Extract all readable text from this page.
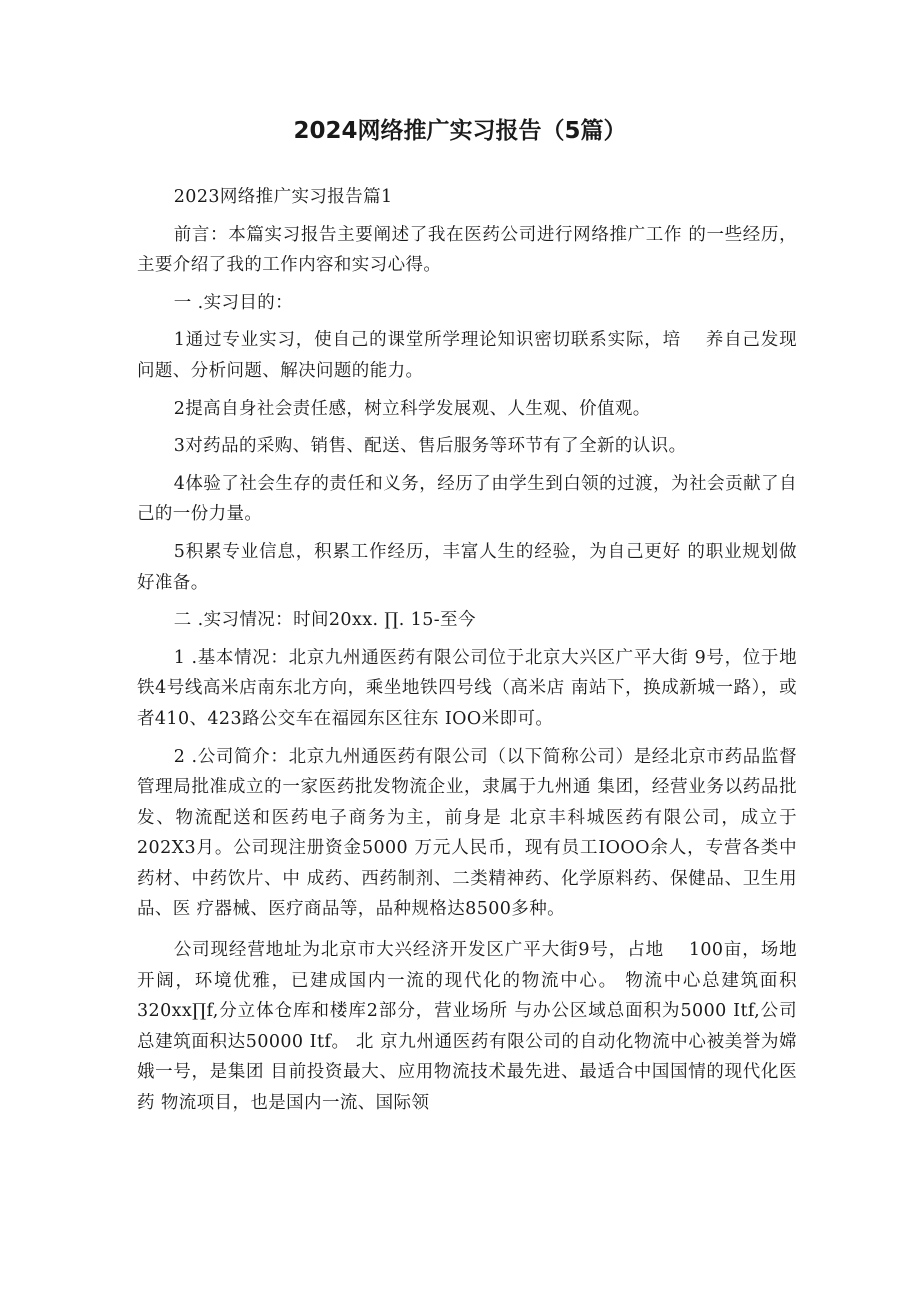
2024网络推广实习报告（5篇）

2023网络推广实习报告篇1

前言：本篇实习报告主要阐述了我在医药公司进行网络推广工作 的一些经历，主要介绍了我的工作内容和实习心得。

一 .实习目的：

1通过专业实习，使自己的课堂所学理论知识密切联系实际，培　 养自己发现问题、分析问题、解决问题的能力。

2提高自身社会责任感，树立科学发展观、人生观、价值观。

3对药品的采购、销售、配送、售后服务等环节有了全新的认识。

4体验了社会生存的责任和义务，经历了由学生到白领的过渡，为社会贡献了自己的一份力量。

5积累专业信息，积累工作经历，丰富人生的经验，为自己更好 的职业规划做好准备。

二 .实习情况：时间20xx. ∏. 15-至今

1 .基本情况：北京九州通医药有限公司位于北京大兴区广平大街 9号，位于地铁4号线高米店南东北方向，乘坐地铁四号线（高米店 南站下，换成新城一路），或者410、423路公交车在福园东区往东 IOO米即可。

2 .公司简介：北京九州通医药有限公司（以下简称公司）是经北京市药品监督管理局批准成立的一家医药批发物流企业，隶属于九州通 集团，经营业务以药品批发、物流配送和医药电子商务为主，前身是 北京丰科城医药有限公司，成立于202X3月。公司现注册资金5000 万元人民币，现有员工IOOO余人，专营各类中药材、中药饮片、中 成药、西药制剂、二类精神药、化学原料药、保健品、卫生用品、医 疗器械、医疗商品等，品种规格达8500多种。

公司现经营地址为北京市大兴经济开发区广平大街9号，占地　 100亩，场地开阔，环境优雅，已建成国内一流的现代化的物流中心。 物流中心总建筑面积320xx∏f,分立体仓库和楼库2部分，营业场所 与办公区域总面积为5000 Itf,公司总建筑面积达50000 Itf。 北 京九州通医药有限公司的自动化物流中心被美誉为嫦娥一号，是集团 目前投资最大、应用物流技术最先进、最适合中国国情的现代化医药 物流项目，也是国内一流、国际领
